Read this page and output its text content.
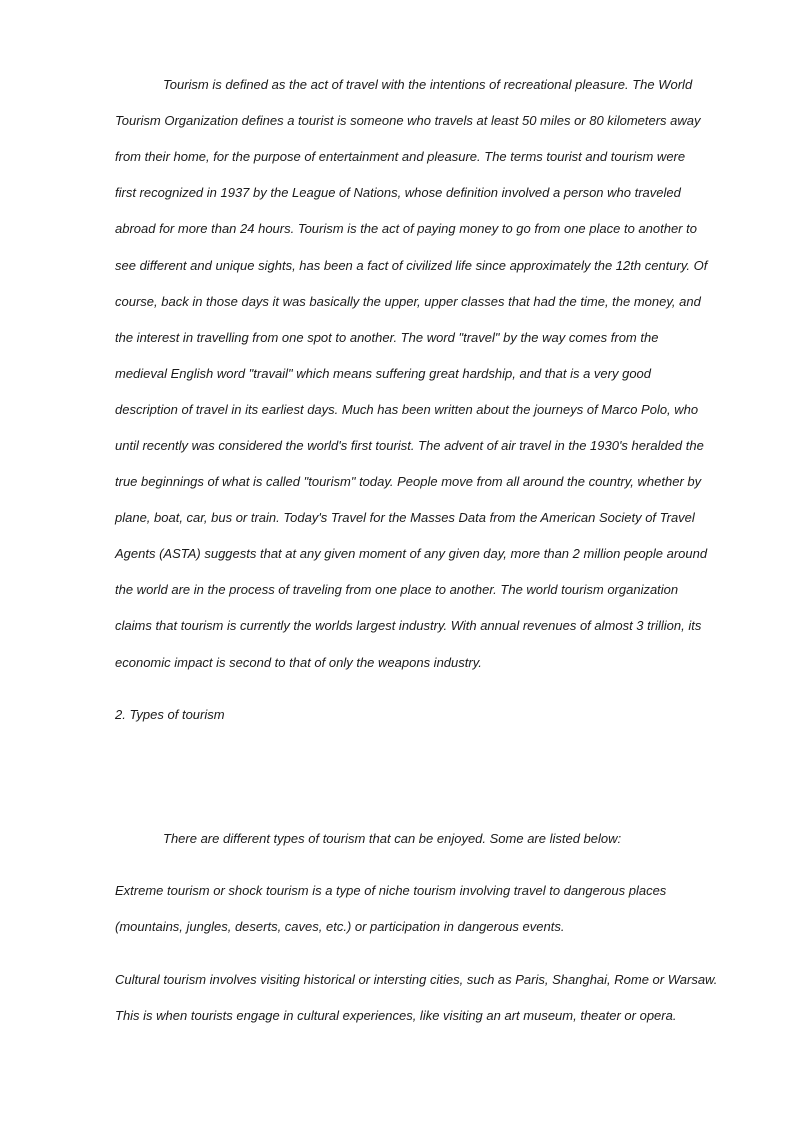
Tourism is defined as the act of travel with the intentions of recreational pleasure. The World

Tourism Organization defines a tourist is someone who travels at least 50 miles or 80 kilometers away

from their home, for the purpose of entertainment and pleasure. The terms tourist and tourism were

first recognized in 1937 by the League of Nations, whose definition involved a person who traveled

abroad for more than 24 hours. Tourism is the act of paying money to go from one place to another to

see different and unique sights, has been a fact of civilized life since approximately the 12th century. Of

course, back in those days it was basically the upper, upper classes that had the time, the money, and

the interest in travelling from one spot to another. The word "travel" by the way comes from the

medieval English word "travail" which means suffering great hardship, and that is a very good

description of travel in its earliest days. Much has been written about the journeys of Marco Polo, who

until recently was considered the world's first tourist. The advent of air travel in the 1930's heralded the

true beginnings of what is called "tourism" today. People move from all around the country, whether by

plane, boat, car, bus or train. Today's Travel for the Masses Data from the American Society of Travel

Agents (ASTA) suggests that at any given moment of any given day, more than 2 million people around

the world are in the process of traveling from one place to another. The world tourism organization

claims that tourism is currently the worlds largest industry. With annual revenues of almost 3 trillion, its

economic impact is second to that of only the weapons industry.

2. Types of tourism

There are different types of tourism that can be enjoyed. Some are listed below:

Extreme tourism or shock tourism is a type of niche tourism involving travel to dangerous places

(mountains, jungles, deserts, caves, etc.) or participation in dangerous events.

Cultural tourism involves visiting historical or intersting cities, such as Paris, Shanghai, Rome or Warsaw.

This is when tourists engage in cultural experiences, like visiting an art museum, theater or opera.
